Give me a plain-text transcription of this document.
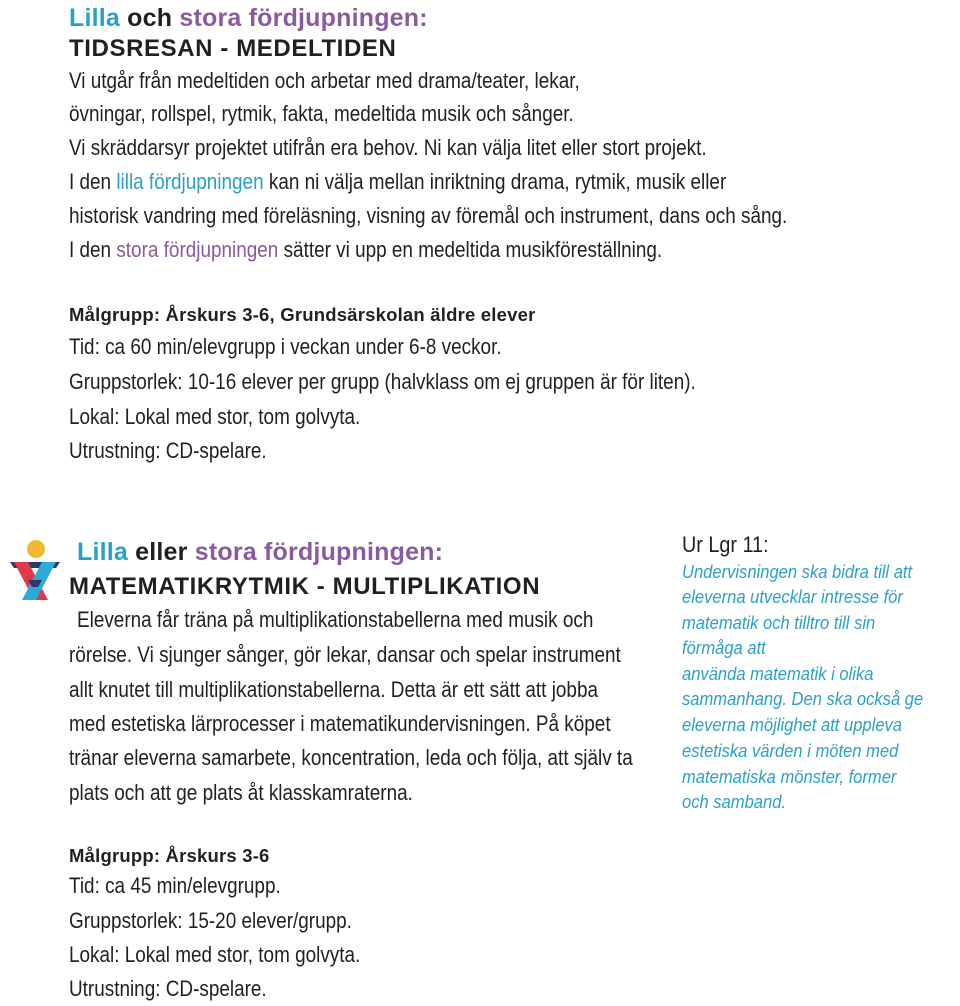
Lilla och stora fördjupningen:
TIDSRESAN - MEDELTIDEN
Vi utgår från medeltiden och arbetar med drama/teater, lekar,
övningar, rollspel, rytmik, fakta, medeltida musik och sånger.
Vi skräddarsyr projektet utifrån era behov. Ni kan välja litet eller stort projekt.
I den lilla fördjupningen kan ni välja mellan inriktning drama, rytmik, musik eller
historisk vandring med föreläsning, visning av föremål och instrument, dans och sång.
I den stora fördjupningen sätter vi upp en medeltida musikföreställning.
Målgrupp: Årskurs 3-6, Grundsärskolan äldre elever
Tid: ca 60 min/elevgrupp i veckan under 6-8 veckor.
Gruppstorlek: 10-16 elever per grupp (halvklass om ej gruppen är för liten).
Lokal: Lokal med stor, tom golvyta.
Utrustning: CD-spelare.
Lilla eller stora fördjupningen:
MATEMATIKRYTMIK - MULTIPLIKATION
Eleverna får träna på multiplikationstabellerna med musik och
rörelse. Vi sjunger sånger, gör lekar, dansar och spelar instrument
allt knutet till multiplikationstabellerna. Detta är ett sätt att jobba
med estetiska lärprocesser i matematikundervisningen. På köpet
tränar eleverna samarbete, koncentration, leda och följa, att själv ta
plats och att ge plats åt klasskamraterna.
Målgrupp: Årskurs 3-6
Tid: ca 45 min/elevgrupp.
Gruppstorlek: 15-20 elever/grupp.
Lokal: Lokal med stor, tom golvyta.
Utrustning: CD-spelare.
Ur Lgr 11:
Undervisningen ska bidra till att
eleverna utvecklar intresse för
matematik och tilltro till sin
förmåga att
använda matematik i olika
sammanhang. Den ska också ge
eleverna möjlighet att uppleva
estetiska värden i möten med
matematiska mönster, former
och samband.
